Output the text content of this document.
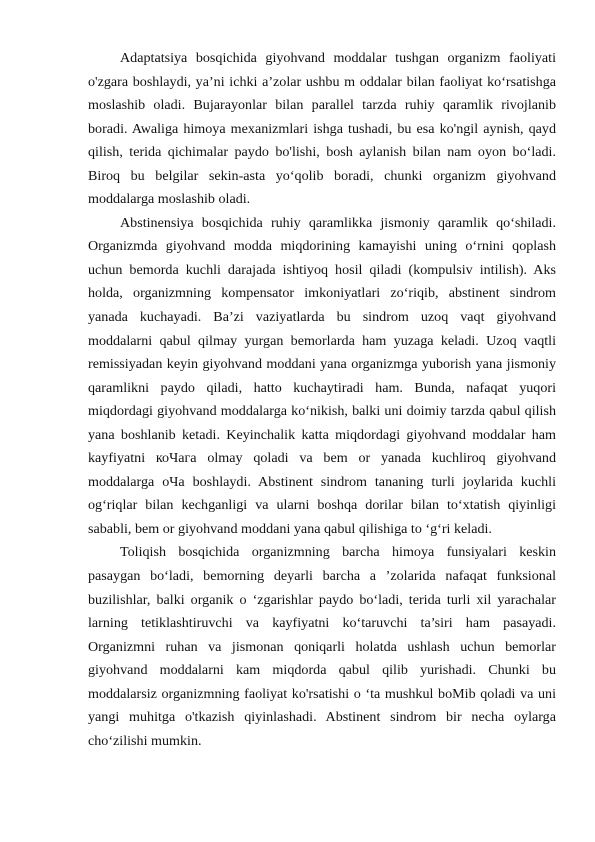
Adaptatsiya bosqichida giyohvand moddalar tushgan organizm faoliyati o'zgara boshlaydi, ya’ni ichki a’zolar ushbu m oddalar bilan faoliyat ko‘rsatishga moslashib oladi. Bujarayonlar bilan parallel tarzda ruhiy qaramlik rivojlanib boradi. Awaliga himoya mexanizmlari ishga tushadi, bu esa ko'ngil aynish, qayd qilish, terida qichimalar paydo bo'lishi, bosh aylanish bilan nam oyon bo‘ladi. Biroq bu belgilar sekin-asta yo‘qolib boradi, chunki organizm giyohvand moddalarga moslashib oladi.

Abstinensiya bosqichida ruhiy qaramlikka jismoniy qaramlik qo‘shiladi. Organizmda giyohvand modda miqdorining kamayishi uning o‘rnini qoplash uchun bemorda kuchli darajada ishtiyoq hosil qiladi (kompulsiv intilish). Aks holda, organizmning kompensator imkoniyatlari zo‘riqib, abstinent sindrom yanada kuchayadi. Ba’zi vaziyatlarda bu sindrom uzoq vaqt giyohvand moddalarni qabul qilmay yurgan bemorlarda ham yuzaga keladi. Uzoq vaqtli remissiyadan keyin giyohvand moddani yana organizmga yuborish yana jismoniy qaramlikni paydo qiladi, hatto kuchaytiradi ham. Bunda, nafaqat yuqori miqdordagi giyohvand moddalarga ko‘nikish, balki uni doimiy tarzda qabul qilish yana boshlanib ketadi. Keyinchalik katta miqdordagi giyohvand moddalar ham kayfiyatni коЧага olmay qoladi va bem or yanada kuchliroq giyohvand moddalarga оЧа boshlaydi. Abstinent sindrom tananing turli joylarida kuchli og‘riqlar bilan kechganligi va ularni boshqa dorilar bilan to‘xtatish qiyinligi sababli, bem or giyohvand moddani yana qabul qilishiga to ‘g‘ri keladi.

Toliqish bosqichida organizmning barcha himoya funsiyalari keskin pasaygan bo‘ladi, bemorning deyarli barcha a ’zolarida nafaqat funksional buzilishlar, balki organik o ‘zgarishlar paydo bo‘ladi, terida turli xil yarachalar larning tetiklashtiruvchi va kayfiyatni ko‘taruvchi ta’siri ham pasayadi. Organizmni ruhan va jismonan qoniqarli holatda ushlash uchun bemorlar giyohvand moddalarni kam miqdorda qabul qilib yurishadi. Chunki bu moddalarsiz organizmning faoliyat ko'rsatishi o ‘ta mushkul boMib qoladi va uni yangi muhitga o'tkazish qiyinlashadi. Abstinent sindrom bir necha oylarga cho‘zilishi mumkin.
